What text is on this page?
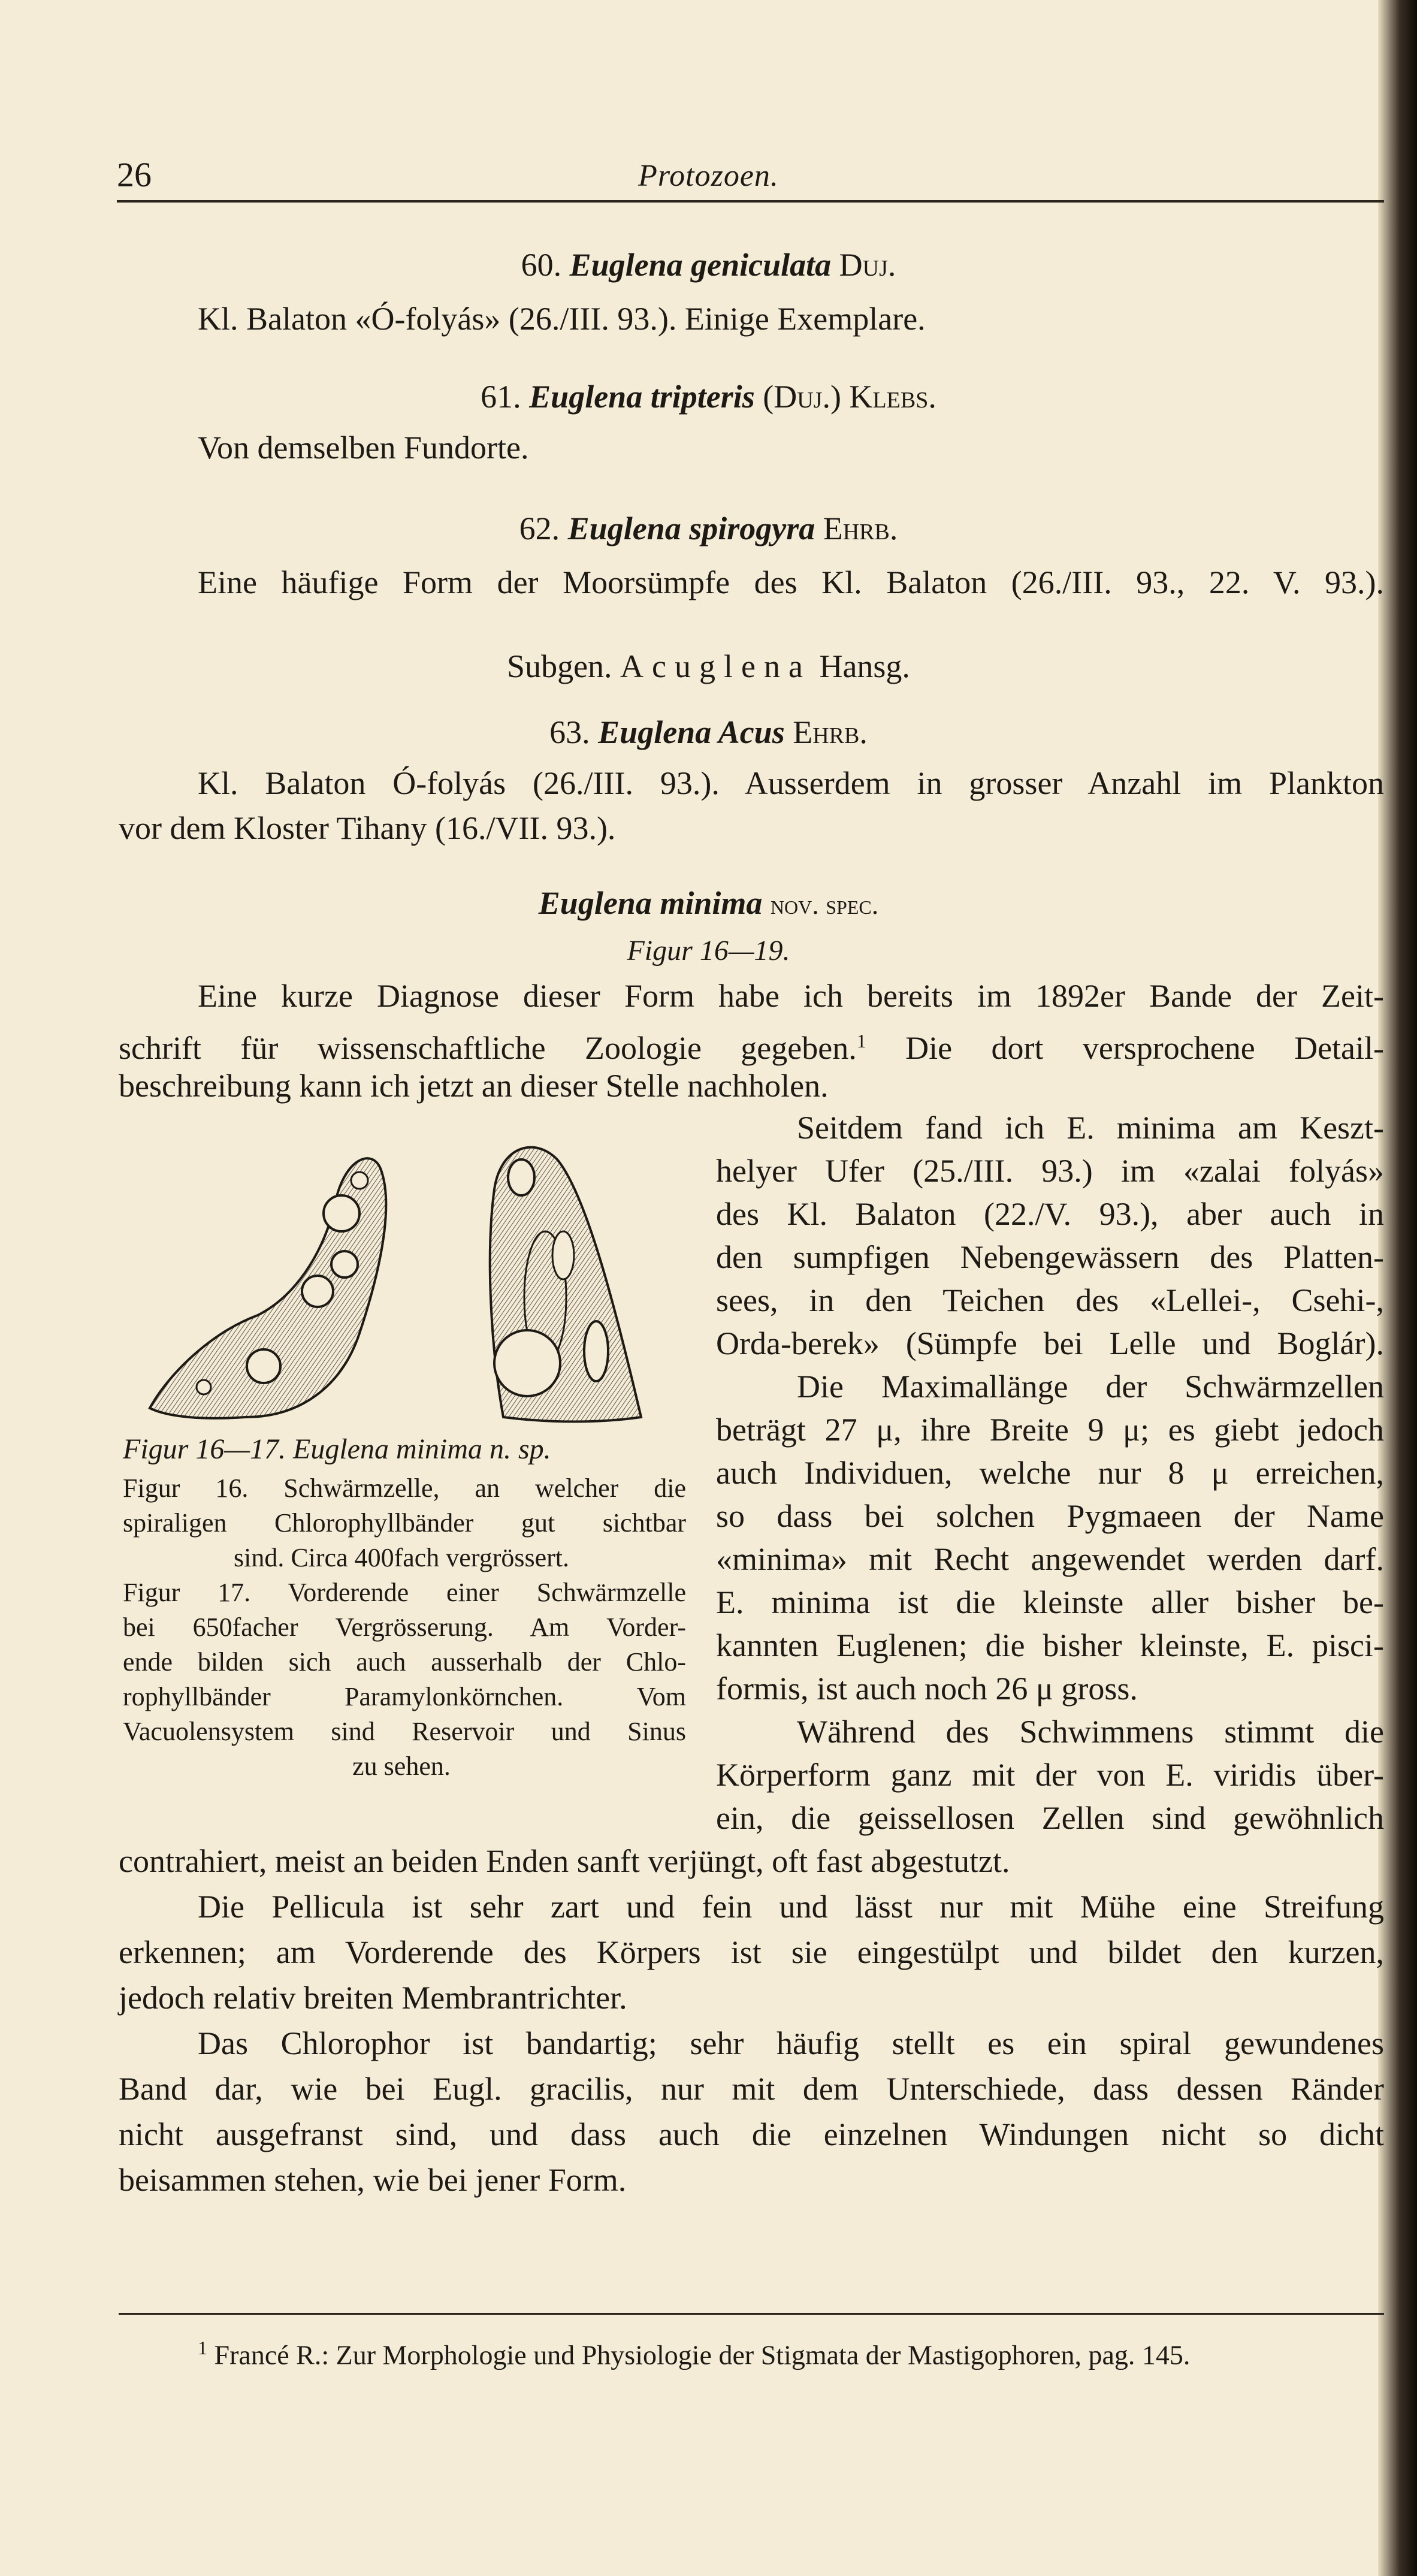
26	Protozoen.
60. Euglena geniculata Duj.
Kl. Balaton «Ó-folyás» (26./III. 93.). Einige Exemplare.
61. Euglena tripteris (Duj.) Klebs.
Von demselben Fundorte.
62. Euglena spirogyra Ehrb.
Eine häufige Form der Moorsümpfe des Kl. Balaton (26./III. 93., 22. V. 93.).
Subgen. Acuglena Hansg.
63. Euglena Acus Ehrb.
Kl. Balaton Ó-folyás (26./III. 93.). Ausserdem in grosser Anzahl im Plankton
vor dem Kloster Tihany (16./VII. 93.).
Euglena minima nov. spec.
Figur 16—19.
Eine kurze Diagnose dieser Form habe ich bereits im 1892er Bande der Zeit-
schrift für wissenschaftliche Zoologie gegeben.$^1$ Die dort versprochene Detail-
beschreibung kann ich jetzt an dieser Stelle nachholen.
Figur 16—17. Euglena minima n. sp.
Figur 16. Schwärmzelle, an welcher die
spiraligen Chlorophyllbänder gut sichtbar
sind. Circa 400fach vergrössert.
Figur 17. Vorderende einer Schwärmzelle
bei 650facher Vergrösserung. Am Vorder-
ende bilden sich auch ausserhalb der Chlo-
rophyllbänder Paramylonkörnchen. Vom
Vacuolensystem sind Reservoir und Sinus
zu sehen.
Seitdem fand ich E. minima am Keszt-
helyer Ufer (25./III. 93.) im «zalai folyás»
des Kl. Balaton (22./V. 93.), aber auch in
den sumpfigen Nebengewässern des Platten-
sees, in den Teichen des «Lellei-, Csehi-,
Orda-berek» (Sümpfe bei Lelle und Boglár).
Die Maximallänge der Schwärmzellen
beträgt 27 μ, ihre Breite 9 μ; es giebt jedoch
auch Individuen, welche nur 8 μ erreichen,
so dass bei solchen Pygmaeen der Name
«minima» mit Recht angewendet werden darf.
E. minima ist die kleinste aller bisher be-
kannten Euglenen; die bisher kleinste, E. pisci-
formis, ist auch noch 26 μ gross.
Während des Schwimmens stimmt die
Körperform ganz mit der von E. viridis über-
ein, die geissellosen Zellen sind gewöhnlich
contrahiert, meist an beiden Enden sanft verjüngt, oft fast abgestutzt.
Die Pellicula ist sehr zart und fein und lässt nur mit Mühe eine Streifung
erkennen; am Vorderende des Körpers ist sie eingestülpt und bildet den kurzen,
jedoch relativ breiten Membrantrichter.
Das Chlorophor ist bandartig; sehr häufig stellt es ein spiral gewundenes
Band dar, wie bei Eugl. gracilis, nur mit dem Unterschiede, dass dessen Ränder
nicht ausgefranst sind, und dass auch die einzelnen Windungen nicht so dicht
beisammen stehen, wie bei jener Form.
$^1$ Francé R.: Zur Morphologie und Physiologie der Stigmata der Mastigophoren, pag. 145.
